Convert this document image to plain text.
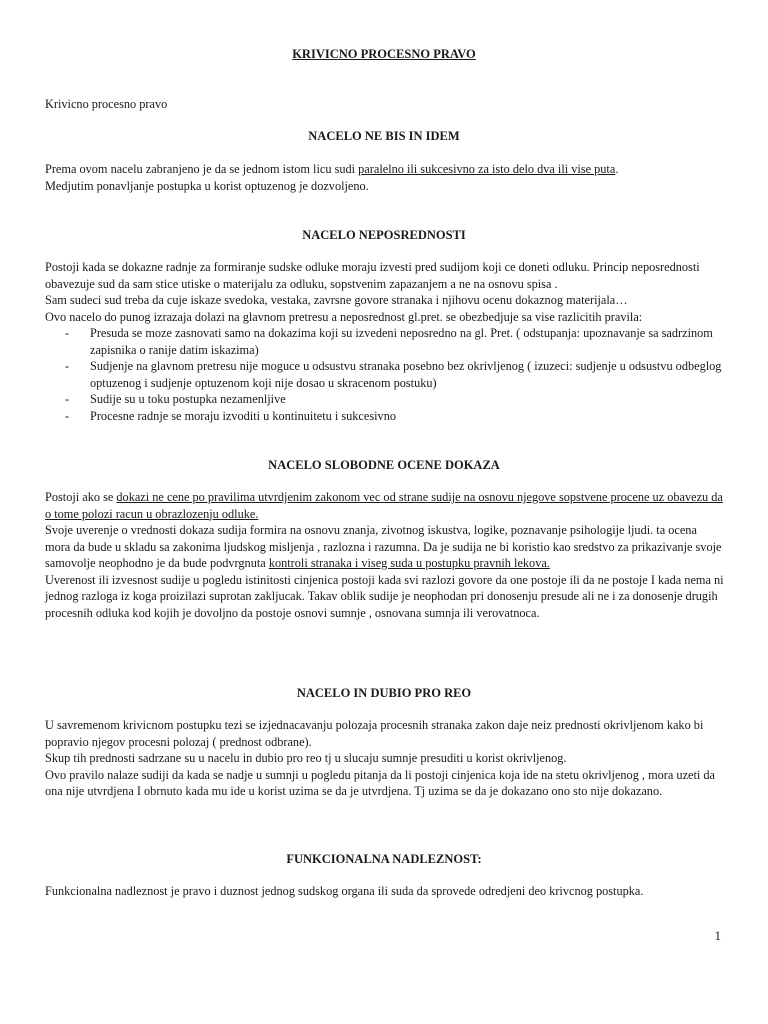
KRIVICNO PROCESNO PRAVO

Krivicno procesno pravo

NACELO NE BIS IN IDEM

Prema ovom nacelu zabranjeno je da se jednom istom licu sudi paralelno ili sukcesivno za isto delo dva ili vise puta.

Medjutim ponavljanje postupka u korist optuzenog je dozvoljeno.

NACELO NEPOSREDNOSTI

Postoji kada se dokazne radnje za formiranje sudske odluke moraju izvesti pred sudijom koji ce doneti odluku. Princip neposrednosti obavezuje sud da sam stice utiske o materijalu za odluku, sopstvenim zapazanjem a ne na osnovu spisa .

Sam sudeci sud treba da cuje iskaze svedoka, vestaka, zavrsne govore stranaka i njihovu ocenu dokaznog materijala…

Ovo nacelo do punog izrazaja dolazi na glavnom pretresu a neposrednost gl.pret. se obezbedjuje sa vise razlicitih pravila:

- Presuda se moze zasnovati samo na dokazima koji su izvedeni neposredno na gl. Pret. ( odstupanja: upoznavanje sa sadrzinom zapisnika o ranije datim iskazima)
- Sudjenje na glavnom pretresu nije moguce u odsustvu stranaka posebno bez okrivljenog ( izuzeci: sudjenje u odsustvu odbeglog optuzenog i sudjenje optuzenom koji nije dosao u skracenom postuku)
- Sudije su u toku postupka nezamenljive
- Procesne radnje se moraju izvoditi u kontinuitetu i sukcesivno
NACELO SLOBODNE OCENE DOKAZA

Postoji ako se dokazi ne cene po pravilima utvrdjenim zakonom vec od strane sudije na osnovu njegove sopstvene procene uz obavezu da o tome polozi racun u obrazlozenju odluke.

Svoje uverenje o vrednosti dokaza sudija formira na osnovu znanja, zivotnog iskustva, logike, poznavanje psihologije ljudi. ta ocena mora da bude u skladu sa zakonima ljudskog misljenja , razlozna i razumna. Da je sudija ne bi koristio kao sredstvo za prikazivanje svoje samovolje neophodno je da bude podvrgnuta kontroli stranaka i viseg suda u postupku pravnih lekova.

Uverenost ili izvesnost sudije u pogledu istinitosti cinjenica postoji kada svi razlozi govore da one postoje ili da ne postoje I kada nema ni jednog razloga iz koga proizilazi suprotan zakljucak. Takav oblik sudije je neophodan pri donosenju presude ali ne i za donosenje drugih procesnih odluka kod kojih je dovoljno da postoje osnovi sumnje , osnovana sumnja ili verovatnoca.

NACELO IN DUBIO PRO REO

U savremenom krivicnom postupku tezi se izjednacavanju polozaja procesnih stranaka zakon daje neiz prednosti okrivljenom kako bi popravio njegov procesni polozaj ( prednost odbrane).

Skup tih prednosti sadrzane su u nacelu in dubio pro reo tj u slucaju sumnje presuditi u korist okrivljenog.

Ovo pravilo nalaze sudiji da kada se nadje u sumnji u pogledu pitanja da li postoji cinjenica koja ide na stetu okrivljenog , mora uzeti da ona nije utvrdjena I obrnuto kada mu ide u korist uzima se da je utvrdjena. Tj uzima se da je dokazano ono sto nije dokazano.

FUNKCIONALNA NADLEZNOST:

Funkcionalna nadleznost je pravo i duznost jednog sudskog organa ili suda da sprovede odredjeni deo krivcnog postupka.

1
